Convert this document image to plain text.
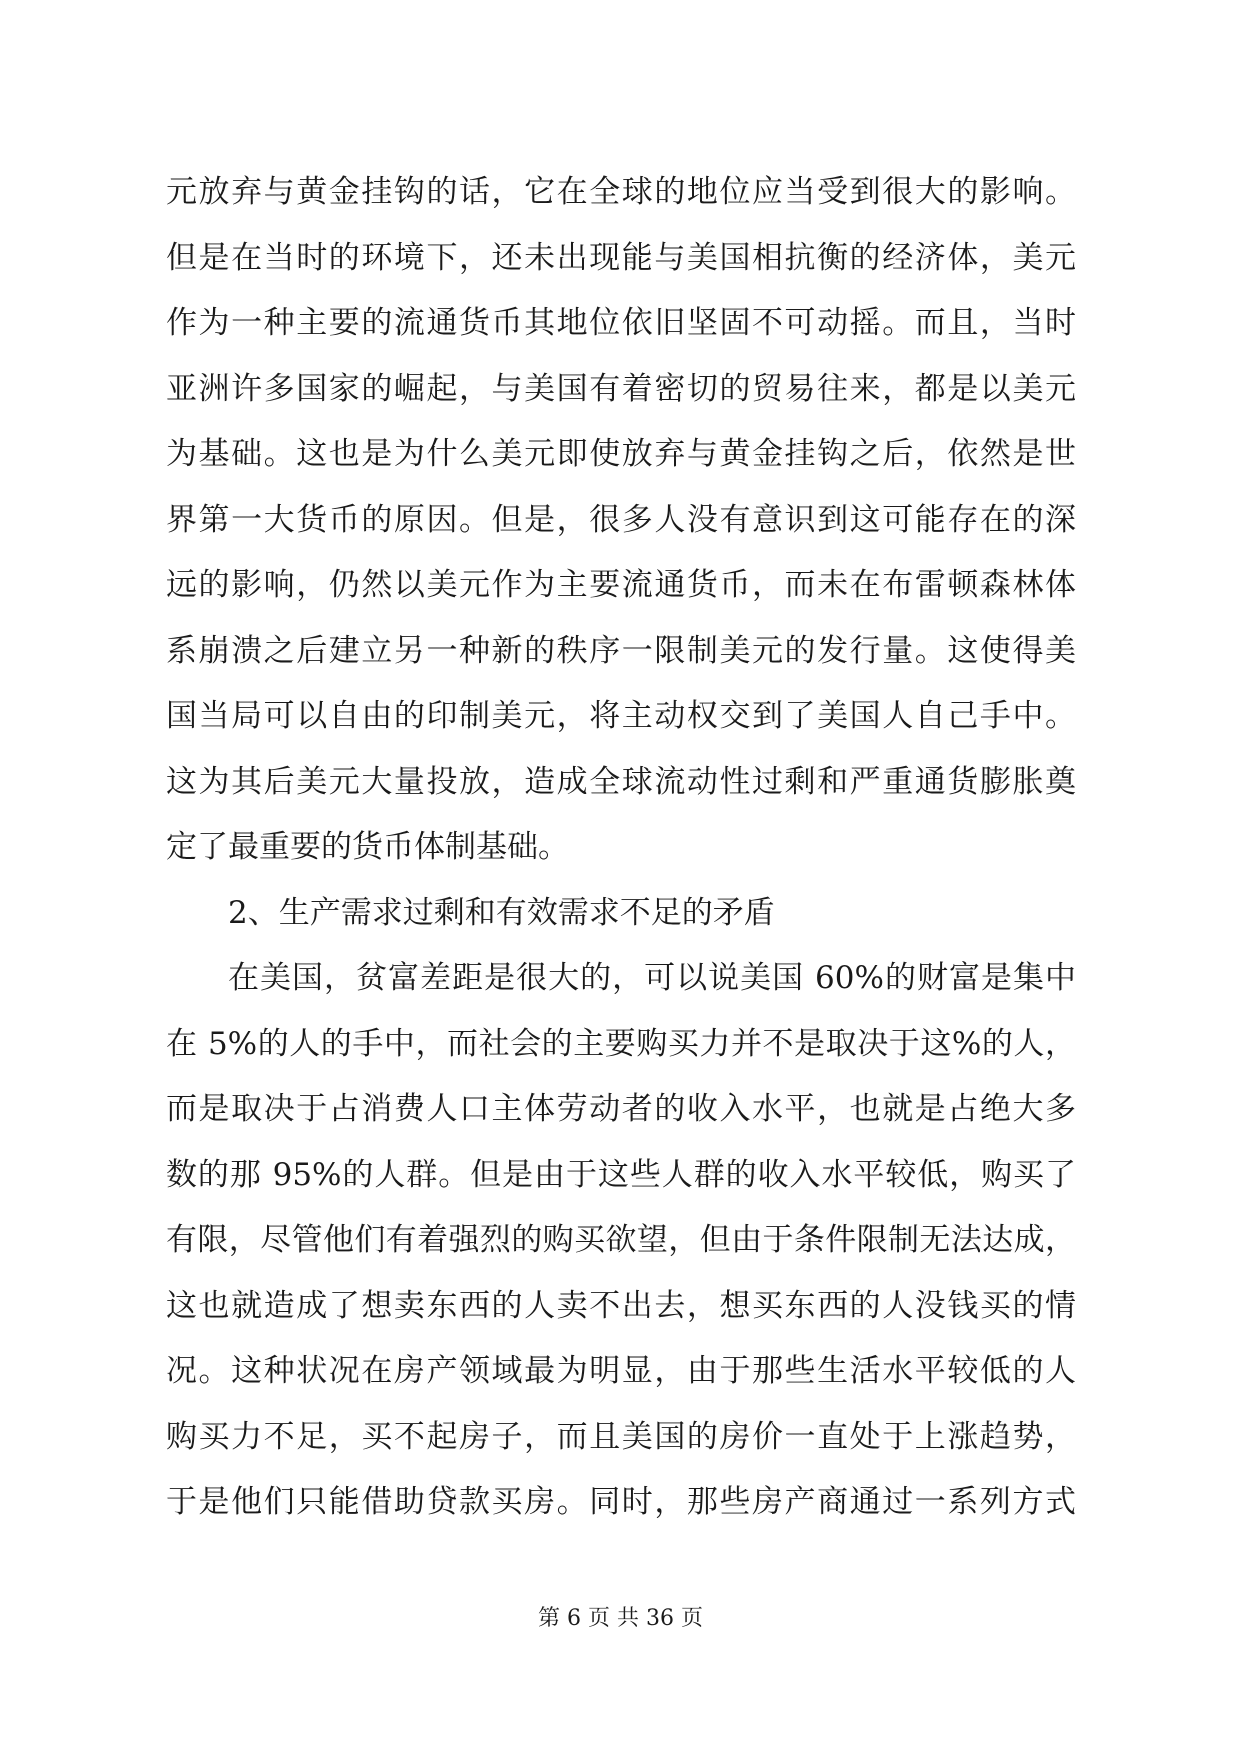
元放弃与黄金挂钩的话，它在全球的地位应当受到很大的影响。
但是在当时的环境下，还未出现能与美国相抗衡的经济体，美元
作为一种主要的流通货币其地位依旧坚固不可动摇。而且，当时
亚洲许多国家的崛起，与美国有着密切的贸易往来，都是以美元
为基础。这也是为什么美元即使放弃与黄金挂钩之后，依然是世
界第一大货币的原因。但是，很多人没有意识到这可能存在的深
远的影响，仍然以美元作为主要流通货币，而未在布雷顿森林体
系崩溃之后建立另一种新的秩序一限制美元的发行量。这使得美
国当局可以自由的印制美元，将主动权交到了美国人自己手中。
这为其后美元大量投放，造成全球流动性过剩和严重通货膨胀奠
定了最重要的货币体制基础。
2、生产需求过剩和有效需求不足的矛盾
在美国，贫富差距是很大的，可以说美国 60%的财富是集中
在 5%的人的手中，而社会的主要购买力并不是取决于这%的人，
而是取决于占消费人口主体劳动者的收入水平，也就是占绝大多
数的那 95%的人群。但是由于这些人群的收入水平较低，购买了
有限，尽管他们有着强烈的购买欲望，但由于条件限制无法达成，
这也就造成了想卖东西的人卖不出去，想买东西的人没钱买的情
况。这种状况在房产领域最为明显，由于那些生活水平较低的人
购买力不足，买不起房子，而且美国的房价一直处于上涨趋势，
于是他们只能借助贷款买房。同时，那些房产商通过一系列方式
第 6 页 共 36 页
